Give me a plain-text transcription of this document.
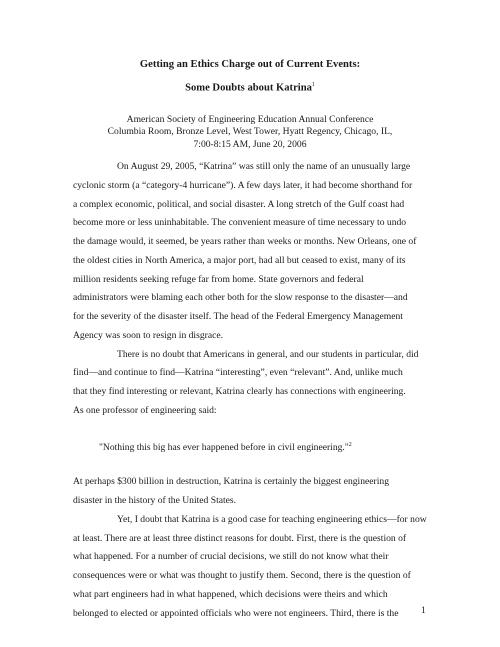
Getting an Ethics Charge out of Current Events:
Some Doubts about Katrina$^1$
American Society of Engineering Education Annual Conference
Columbia Room, Bronze Level, West Tower, Hyatt Regency, Chicago, IL,
7:00-8:15 AM, June 20, 2006
On August 29, 2005, “Katrina” was still only the name of an unusually large
cyclonic storm (a “category-4 hurricane”). A few days later, it had become shorthand for
a complex economic, political, and social disaster. A long stretch of the Gulf coast had
become more or less uninhabitable. The convenient measure of time necessary to undo
the damage would, it seemed, be years rather than weeks or months. New Orleans, one of
the oldest cities in North America, a major port, had all but ceased to exist, many of its
million residents seeking refuge far from home. State governors and federal
administrators were blaming each other both for the slow response to the disaster—and
for the severity of the disaster itself. The head of the Federal Emergency Management
Agency was soon to resign in disgrace.
There is no doubt that Americans in general, and our students in particular, did
find—and continue to find—Katrina “interesting”, even “relevant”. And, unlike much
that they find interesting or relevant, Katrina clearly has connections with engineering.
As one professor of engineering said:
"Nothing this big has ever happened before in civil engineering."$^2$
At perhaps $300 billion in destruction, Katrina is certainly the biggest engineering
disaster in the history of the United States.
Yet, I doubt that Katrina is a good case for teaching engineering ethics—for now
at least. There are at least three distinct reasons for doubt. First, there is the question of
what happened. For a number of crucial decisions, we still do not know what their
consequences were or what was thought to justify them. Second, there is the question of
what part engineers had in what happened, which decisions were theirs and which
belonged to elected or appointed officials who were not engineers. Third, there is the 1
